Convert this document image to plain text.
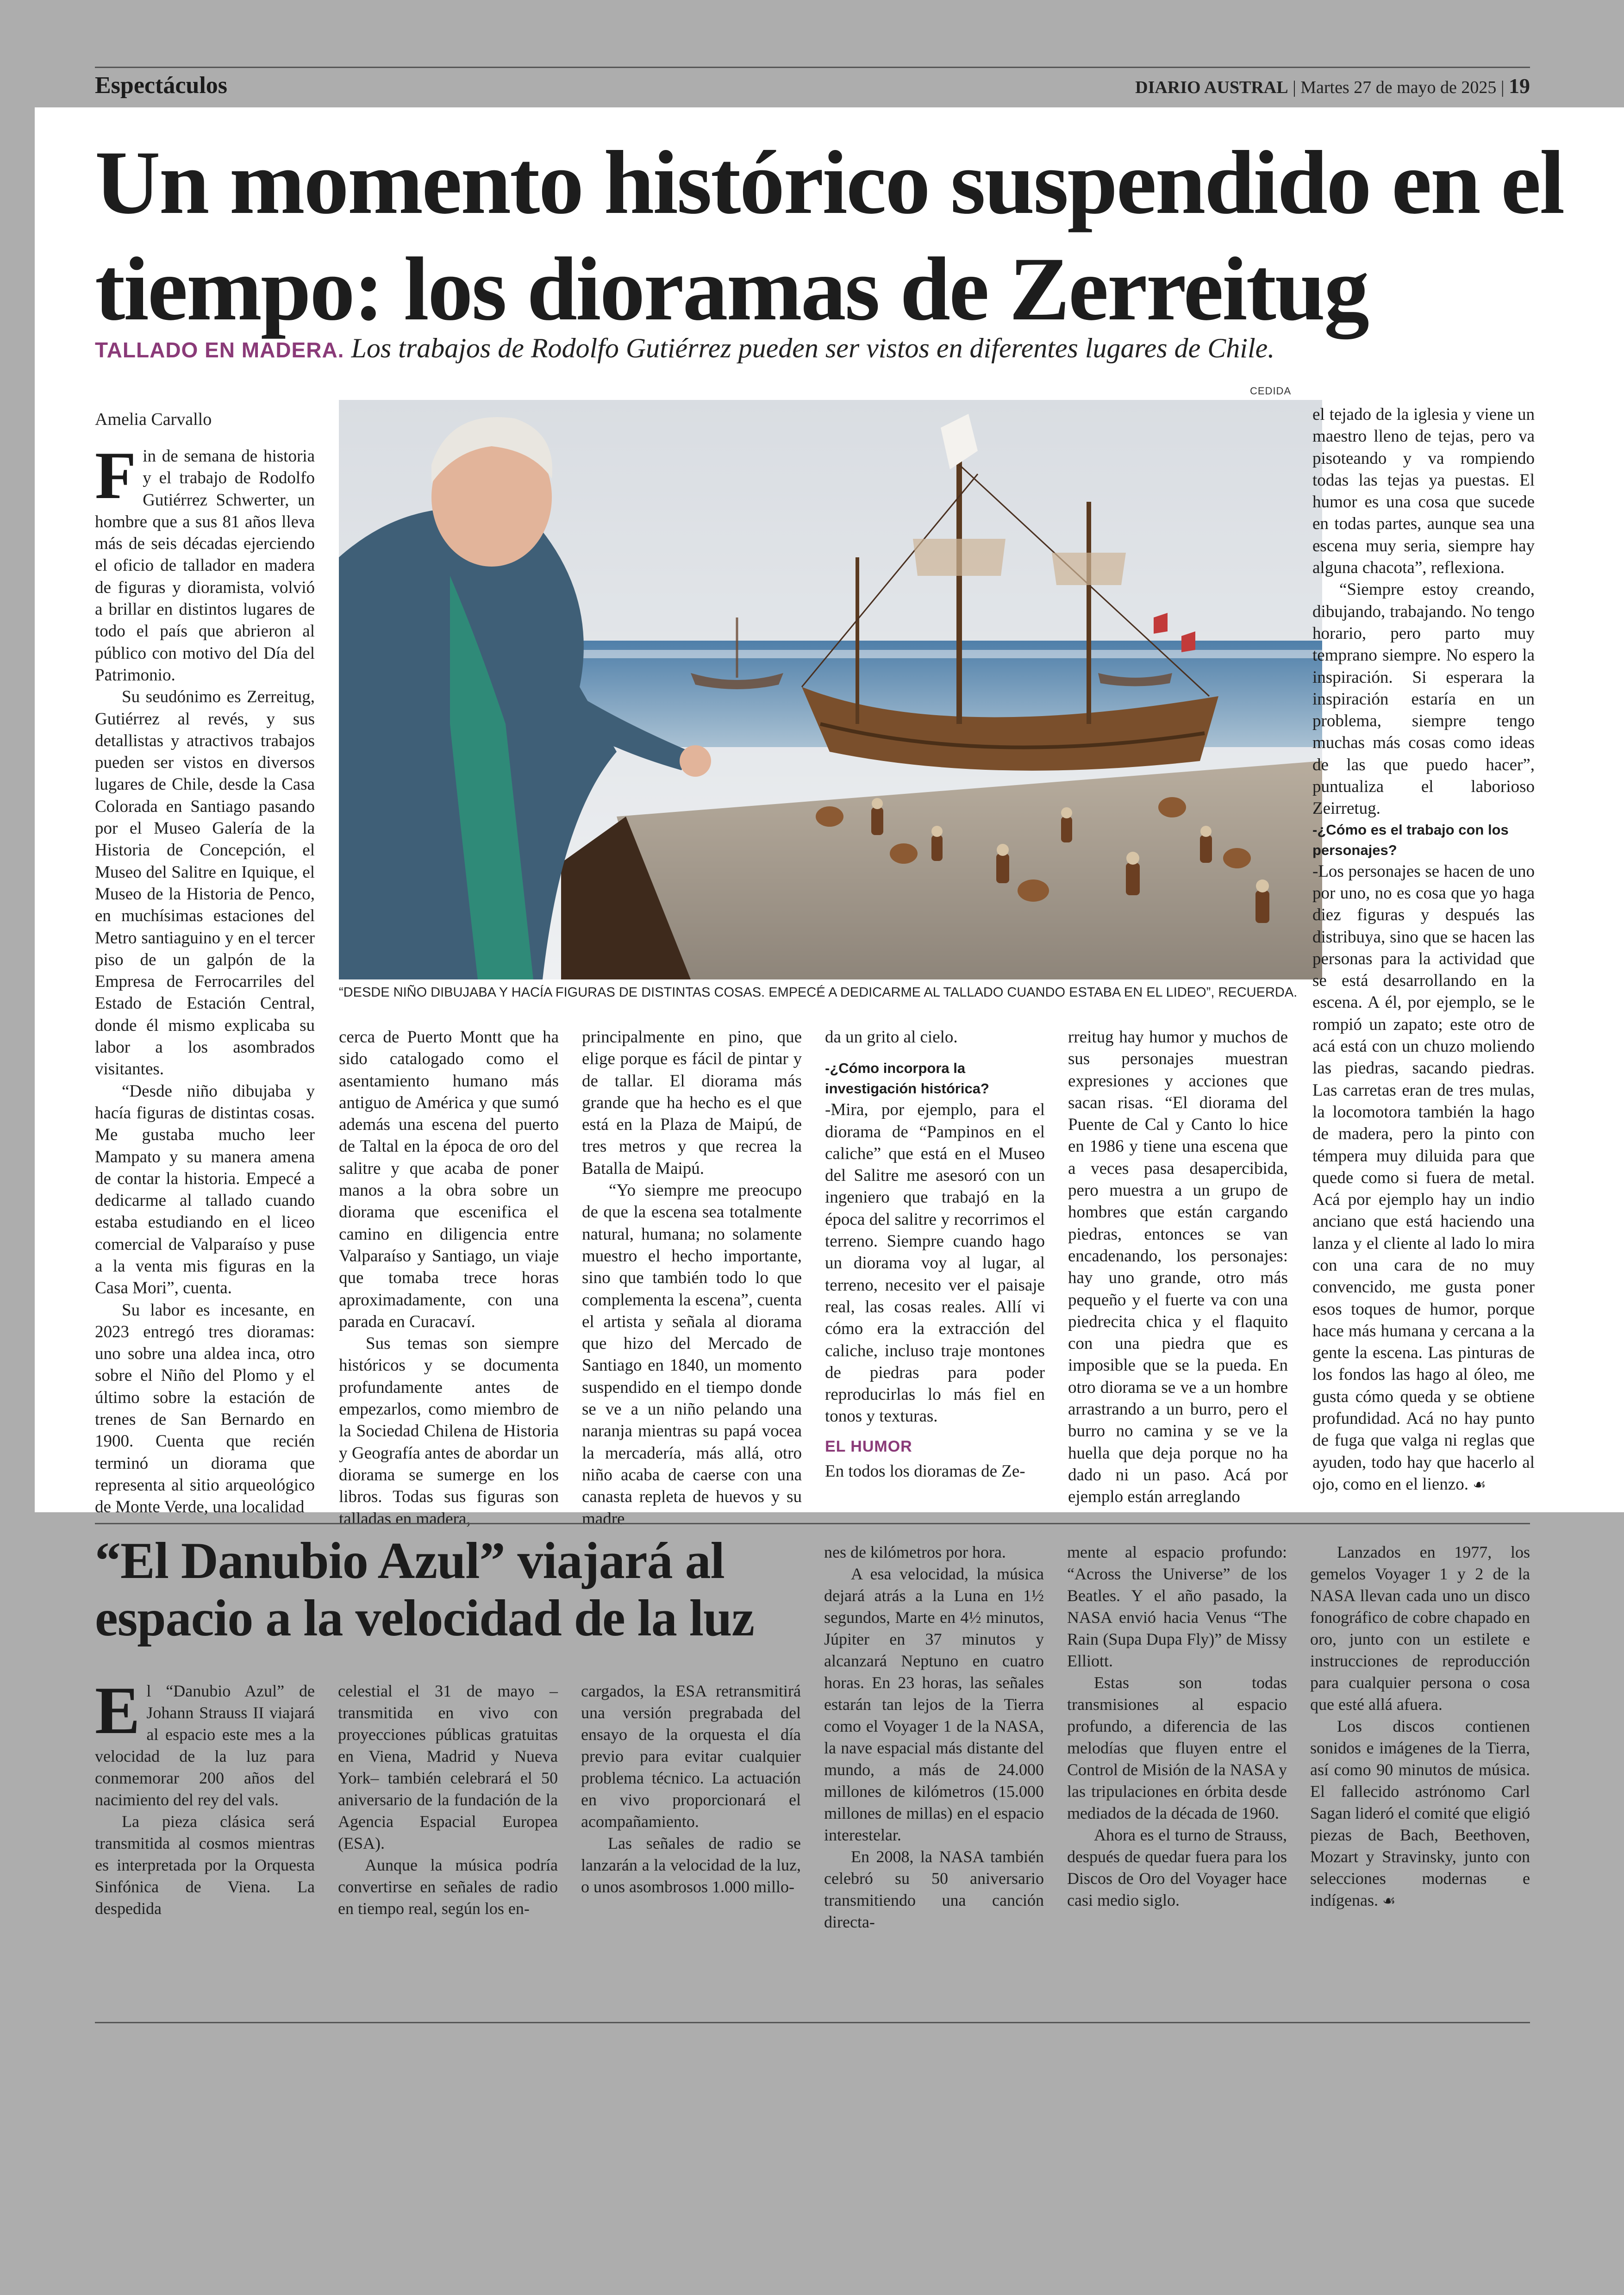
Espectáculos	DIARIO AUSTRAL | Martes 27 de mayo de 2025 | 19
Un momento histórico suspendido en el tiempo: los dioramas de Zerreitug
TALLADO EN MADERA. Los trabajos de Rodolfo Gutiérrez pueden ser vistos en diferentes lugares de Chile.
Amelia Carvallo
CEDIDA
“DESDE NIÑO DIBUJABA Y HACÍA FIGURAS DE DISTINTAS COSAS. EMPECÉ A DEDICARME AL TALLADO CUANDO ESTABA EN EL LIDEO”, RECUERDA.
F in de semana de historia y el trabajo de Rodolfo Gutiérrez Schwerter, un hombre que a sus 81 años lleva más de seis décadas ejerciendo el oficio de tallador en madera de figuras y dioramista, volvió a brillar en distintos lugares de todo el país que abrieron al público con motivo del Día del Patrimonio.

Su seudónimo es Zerreitug, Gutiérrez al revés, y sus detallistas y atractivos trabajos pueden ser vistos en diversos lugares de Chile, desde la Casa Colorada en Santiago pasando por el Museo Galería de la Historia de Concepción, el Museo del Salitre en Iquique, el Museo de la Historia de Penco, en muchísimas estaciones del Metro santiaguino y en el tercer piso de un galpón de la Empresa de Ferrocarriles del Estado de Estación Central, donde él mismo explicaba su labor a los asombrados visitantes.

“Desde niño dibujaba y hacía figuras de distintas cosas. Me gustaba mucho leer Mampato y su manera amena de contar la historia. Empecé a dedicarme al tallado cuando estaba estudiando en el liceo comercial de Valparaíso y puse a la venta mis figuras en la Casa Mori”, cuenta.

Su labor es incesante, en 2023 entregó tres dioramas: uno sobre una aldea inca, otro sobre el Niño del Plomo y el último sobre la estación de trenes de San Bernardo en 1900. Cuenta que recién terminó un diorama que representa al sitio arqueológico de Monte Verde, una localidad

cerca de Puerto Montt que ha sido catalogado como el asentamiento humano más antiguo de América y que sumó además una escena del puerto de Taltal en la época de oro del salitre y que acaba de poner manos a la obra sobre un diorama que escenifica el camino en diligencia entre Valparaíso y Santiago, un viaje que tomaba trece horas aproximadamente, con una parada en Curacaví.

Sus temas son siempre históricos y se documenta profundamente antes de empezarlos, como miembro de la Sociedad Chilena de Historia y Geografía antes de abordar un diorama se sumerge en los libros. Todas sus figuras son talladas en madera,

principalmente en pino, que elige porque es fácil de pintar y de tallar. El diorama más grande que ha hecho es el que está en la Plaza de Maipú, de tres metros y que recrea la Batalla de Maipú.

“Yo siempre me preocupo de que la escena sea totalmente natural, humana; no solamente muestro el hecho importante, sino que también todo lo que complementa la escena”, cuenta el artista y señala al diorama que hizo del Mercado de Santiago en 1840, un momento suspendido en el tiempo donde se ve a un niño pelando una naranja mientras su papá vocea la mercadería, más allá, otro niño acaba de caerse con una canasta repleta de huevos y su madre

da un grito al cielo.

-¿Cómo incorpora la investigación histórica?

-Mira, por ejemplo, para el diorama de “Pampinos en el caliche” que está en el Museo del Salitre me asesoró con un ingeniero que trabajó en la época del salitre y recorrimos el terreno. Siempre cuando hago un diorama voy al lugar, al terreno, necesito ver el paisaje real, las cosas reales. Allí vi cómo era la extracción del caliche, incluso traje montones de piedras para poder reproducirlas lo más fiel en tonos y texturas.

EL HUMOR

En todos los dioramas de Ze-

rreitug hay humor y muchos de sus personajes muestran expresiones y acciones que sacan risas. “El diorama del Puente de Cal y Canto lo hice en 1986 y tiene una escena que a veces pasa desapercibida, pero muestra a un grupo de hombres que están cargando piedras, entonces se van encadenando, los personajes: hay uno grande, otro más pequeño y el fuerte va con una piedrecita chica y el flaquito con una piedra que es imposible que se la pueda. En otro diorama se ve a un hombre arrastrando a un burro, pero el burro no camina y se ve la huella que deja porque no ha dado ni un paso. Acá por ejemplo están arreglando

el tejado de la iglesia y viene un maestro lleno de tejas, pero va pisoteando y va rompiendo todas las tejas ya puestas. El humor es una cosa que sucede en todas partes, aunque sea una escena muy seria, siempre hay alguna chacota”, reflexiona.

“Siempre estoy creando, dibujando, trabajando. No tengo horario, pero parto muy temprano siempre. No espero la inspiración. Si esperara la inspiración estaría en un problema, siempre tengo muchas más cosas como ideas de las que puedo hacer”, puntualiza el laborioso Zeirretug.

-¿Cómo es el trabajo con los personajes?

-Los personajes se hacen de uno por uno, no es cosa que yo haga diez figuras y después las distribuya, sino que se hacen las personas para la actividad que se está desarrollando en la escena. A él, por ejemplo, se le rompió un zapato; este otro de acá está con un chuzo moliendo las piedras, sacando piedras. Las carretas eran de tres mulas, la locomotora también la hago de madera, pero la pinto con témpera muy diluida para que quede como si fuera de metal. Acá por ejemplo hay un indio anciano que está haciendo una lanza y el cliente al lado lo mira con una cara de no muy convencido, me gusta poner esos toques de humor, porque hace más humana y cercana a la gente la escena. Las pinturas de los fondos las hago al óleo, me gusta cómo queda y se obtiene profundidad. Acá no hay punto de fuga que valga ni reglas que ayuden, todo hay que hacerlo al ojo, como en el lienzo. ☙

“El Danubio Azul” viajará al espacio a la velocidad de la luz
E l “Danubio Azul” de Johann Strauss II viajará al espacio este mes a la velocidad de la luz para conmemorar 200 años del nacimiento del rey del vals.

La pieza clásica será transmitida al cosmos mientras es interpretada por la Orquesta Sinfónica de Viena. La despedida

celestial el 31 de mayo –transmitida en vivo con proyecciones públicas gratuitas en Viena, Madrid y Nueva York– también celebrará el 50 aniversario de la fundación de la Agencia Espacial Europea (ESA).

Aunque la música podría convertirse en señales de radio en tiempo real, según los en-

cargados, la ESA retransmitirá una versión pregrabada del ensayo de la orquesta el día previo para evitar cualquier problema técnico. La actuación en vivo proporcionará el acompañamiento.

Las señales de radio se lanzarán a la velocidad de la luz, o unos asombrosos 1.000 millo-

nes de kilómetros por hora.

A esa velocidad, la música dejará atrás a la Luna en 1½ segundos, Marte en 4½ minutos, Júpiter en 37 minutos y alcanzará Neptuno en cuatro horas. En 23 horas, las señales estarán tan lejos de la Tierra como el Voyager 1 de la NASA, la nave espacial más distante del mundo, a más de 24.000 millones de kilómetros (15.000 millones de millas) en el espacio interestelar.

En 2008, la NASA también celebró su 50 aniversario transmitiendo una canción directa-

mente al espacio profundo: “Across the Universe” de los Beatles. Y el año pasado, la NASA envió hacia Venus “The Rain (Supa Dupa Fly)” de Missy Elliott.

Estas son todas transmisiones al espacio profundo, a diferencia de las melodías que fluyen entre el Control de Misión de la NASA y las tripulaciones en órbita desde mediados de la década de 1960.

Ahora es el turno de Strauss, después de quedar fuera para los Discos de Oro del Voyager hace casi medio siglo.

Lanzados en 1977, los gemelos Voyager 1 y 2 de la NASA llevan cada uno un disco fonográfico de cobre chapado en oro, junto con un estilete e instrucciones de reproducción para cualquier persona o cosa que esté allá afuera.

Los discos contienen sonidos e imágenes de la Tierra, así como 90 minutos de música. El fallecido astrónomo Carl Sagan lideró el comité que eligió piezas de Bach, Beethoven, Mozart y Stravinsky, junto con selecciones modernas e indígenas. ☙
